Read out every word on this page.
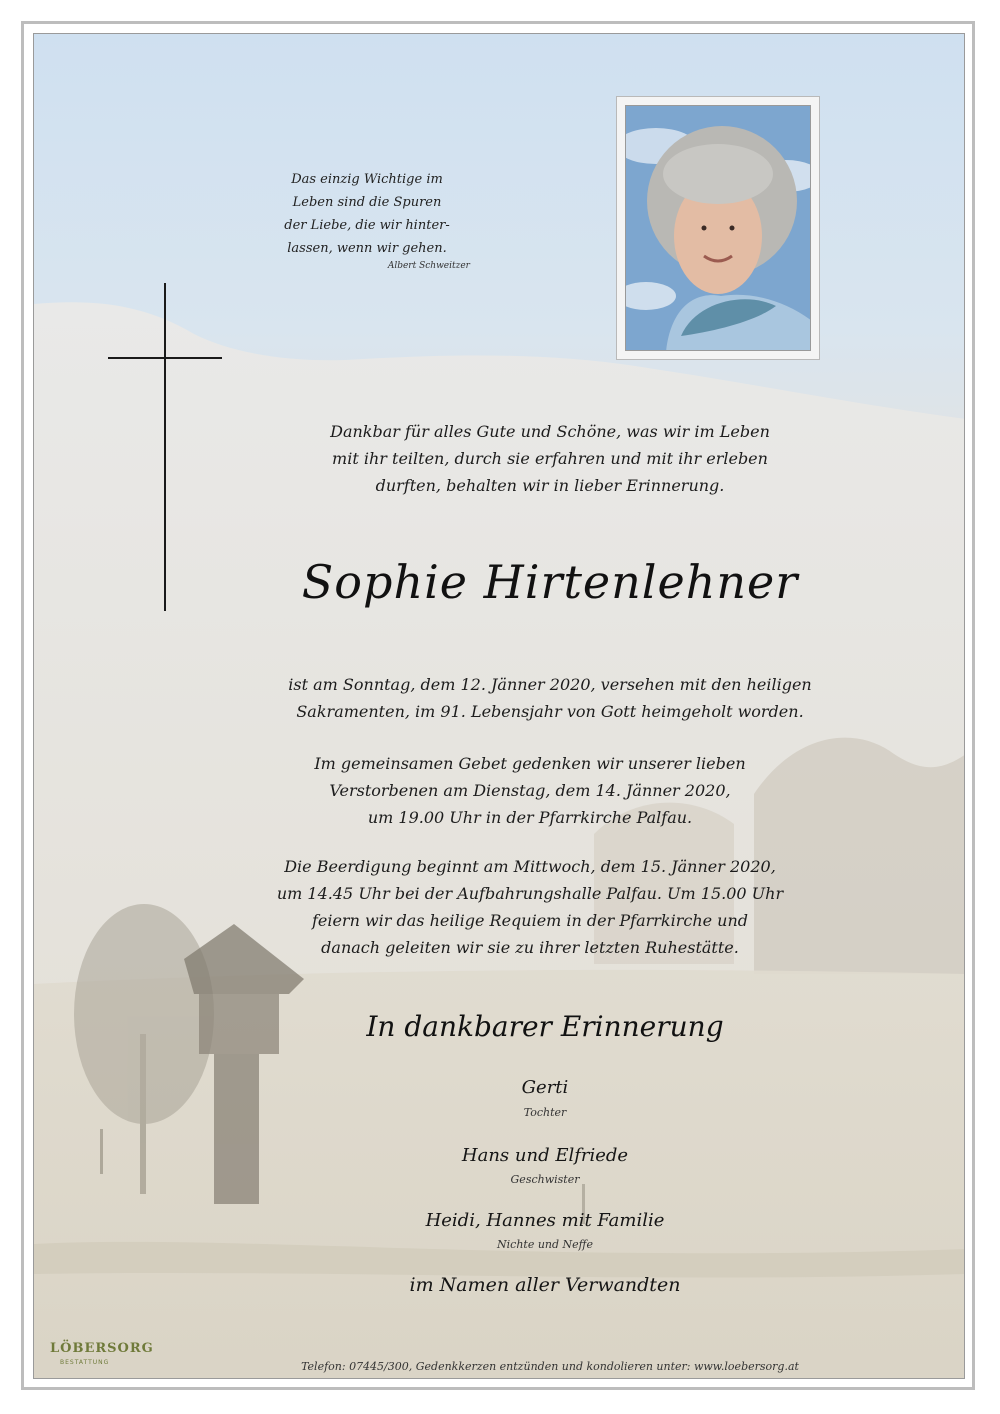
Das einzig Wichtige im
Leben sind die Spuren
der Liebe, die wir hinter-
lassen, wenn wir gehen.
Albert Schweitzer
Dankbar für alles Gute und Schöne, was wir im Leben
mit ihr teilten, durch sie erfahren und mit ihr erleben
durften, behalten wir in lieber Erinnerung.
Sophie Hirtenlehner
ist am Sonntag, dem 12. Jänner 2020, versehen mit den heiligen
Sakramenten, im 91. Lebensjahr von Gott heimgeholt worden.
Im gemeinsamen Gebet gedenken wir unserer lieben
Verstorbenen am Dienstag, dem 14. Jänner 2020,
um 19.00 Uhr in der Pfarrkirche Palfau.
Die Beerdigung beginnt am Mittwoch, dem 15. Jänner 2020,
um 14.45 Uhr bei der Aufbahrungshalle Palfau. Um 15.00 Uhr
feiern wir das heilige Requiem in der Pfarrkirche und
danach geleiten wir sie zu ihrer letzten Ruhestätte.
In dankbarer Erinnerung
Gerti
Tochter
Hans und Elfriede
Geschwister
Heidi, Hannes mit Familie
Nichte und Neffe
im Namen aller Verwandten
LÖBERSORG
BESTATTUNG	Telefon: 07445/300, Gedenkkerzen entzünden und kondolieren unter: www.loebersorg.at
